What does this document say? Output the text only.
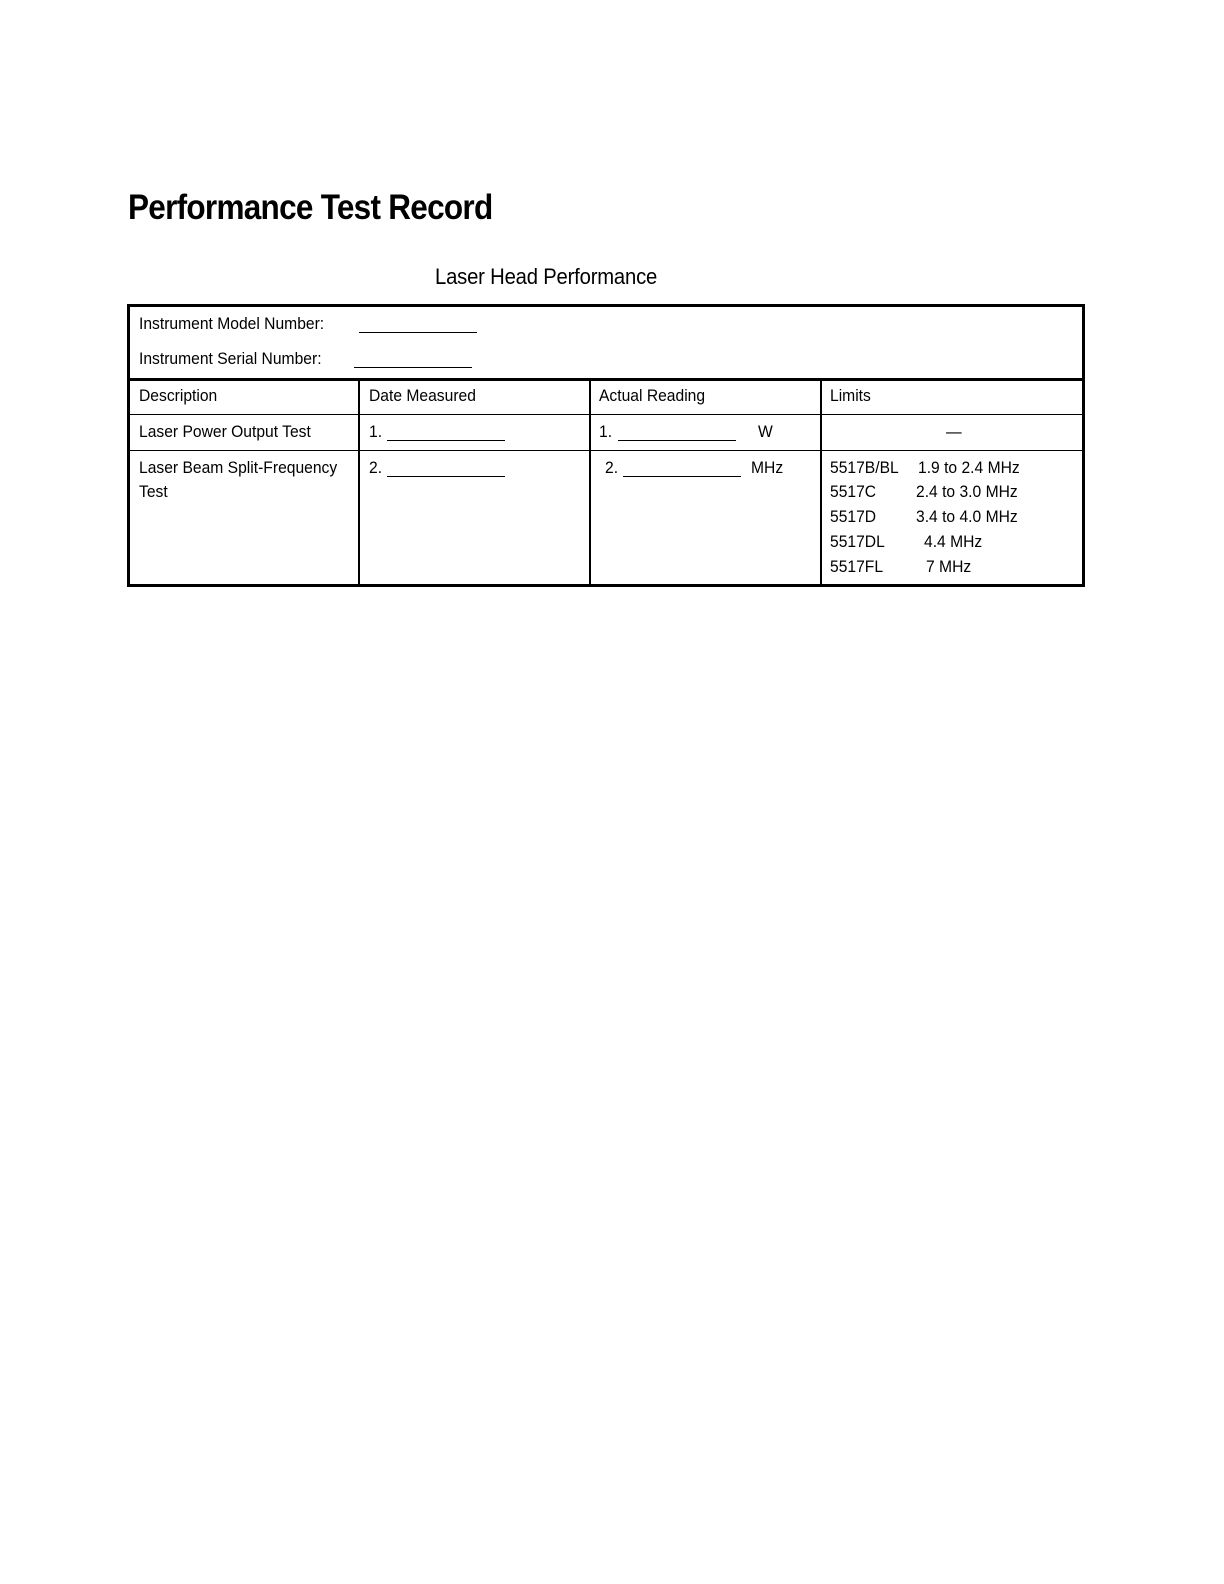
Performance Test Record
Laser Head Performance
Instrument Model Number:
Instrument Serial Number:
Description	Date Measured	Actual Reading	Limits
Laser Power Output Test	1.	1.	W	—
Laser Beam Split-Frequency
Test
2.	2.	MHz	5517B/BL	1.9 to 2.4 MHz
5517C 2.4 to 3.0 MHz
5517D 3.4 to 4.0 MHz
5517DL 4.4 MHz
5517FL	7 MHz
